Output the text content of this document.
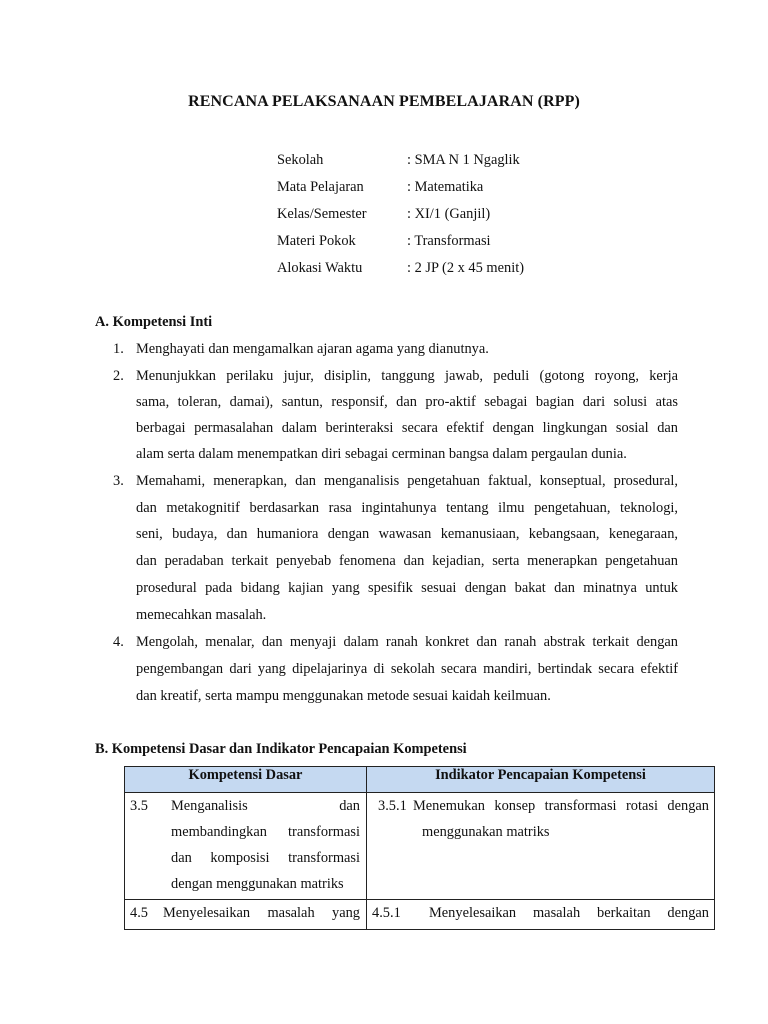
RENCANA PELAKSANAAN PEMBELAJARAN (RPP)
Sekolah	: SMA N 1 Ngaglik
Mata Pelajaran	: Matematika
Kelas/Semester	: XI/1 (Ganjil)
Materi Pokok	: Transformasi
Alokasi Waktu	: 2 JP (2 x 45 menit)
A. Kompetensi Inti
1. Menghayati dan mengamalkan ajaran agama yang dianutnya.
2. Menunjukkan perilaku jujur, disiplin, tanggung jawab, peduli (gotong royong, kerja
sama, toleran, damai), santun, responsif, dan pro-aktif sebagai bagian dari solusi atas
berbagai permasalahan dalam berinteraksi secara efektif dengan lingkungan sosial dan
alam serta dalam menempatkan diri sebagai cerminan bangsa dalam pergaulan dunia.
3. Memahami, menerapkan, dan menganalisis pengetahuan faktual, konseptual, prosedural,
dan metakognitif berdasarkan rasa ingintahunya tentang ilmu pengetahuan, teknologi,
seni, budaya, dan humaniora dengan wawasan kemanusiaan, kebangsaan, kenegaraan,
dan peradaban terkait penyebab fenomena dan kejadian, serta menerapkan pengetahuan
prosedural pada bidang kajian yang spesifik sesuai dengan bakat dan minatnya untuk
memecahkan masalah.
4. Mengolah, menalar, dan menyaji dalam ranah konkret dan ranah abstrak terkait dengan
pengembangan dari yang dipelajarinya di sekolah secara mandiri, bertindak secara efektif
dan kreatif, serta mampu menggunakan metode sesuai kaidah keilmuan.
B. Kompetensi Dasar dan Indikator Pencapaian Kompetensi
Kompetensi Dasar	Indikator Pencapaian Kompetensi

3.5 Menganalisis dan
membandingkan transformasi
dan komposisi transformasi
dengan menggunakan matriks	3.5.1 Menemukan konsep transformasi rotasi dengan
menggunakan matriks

4.5 Menyelesaikan masalah yang	4.5.1 Menyelesaikan masalah berkaitan dengan
